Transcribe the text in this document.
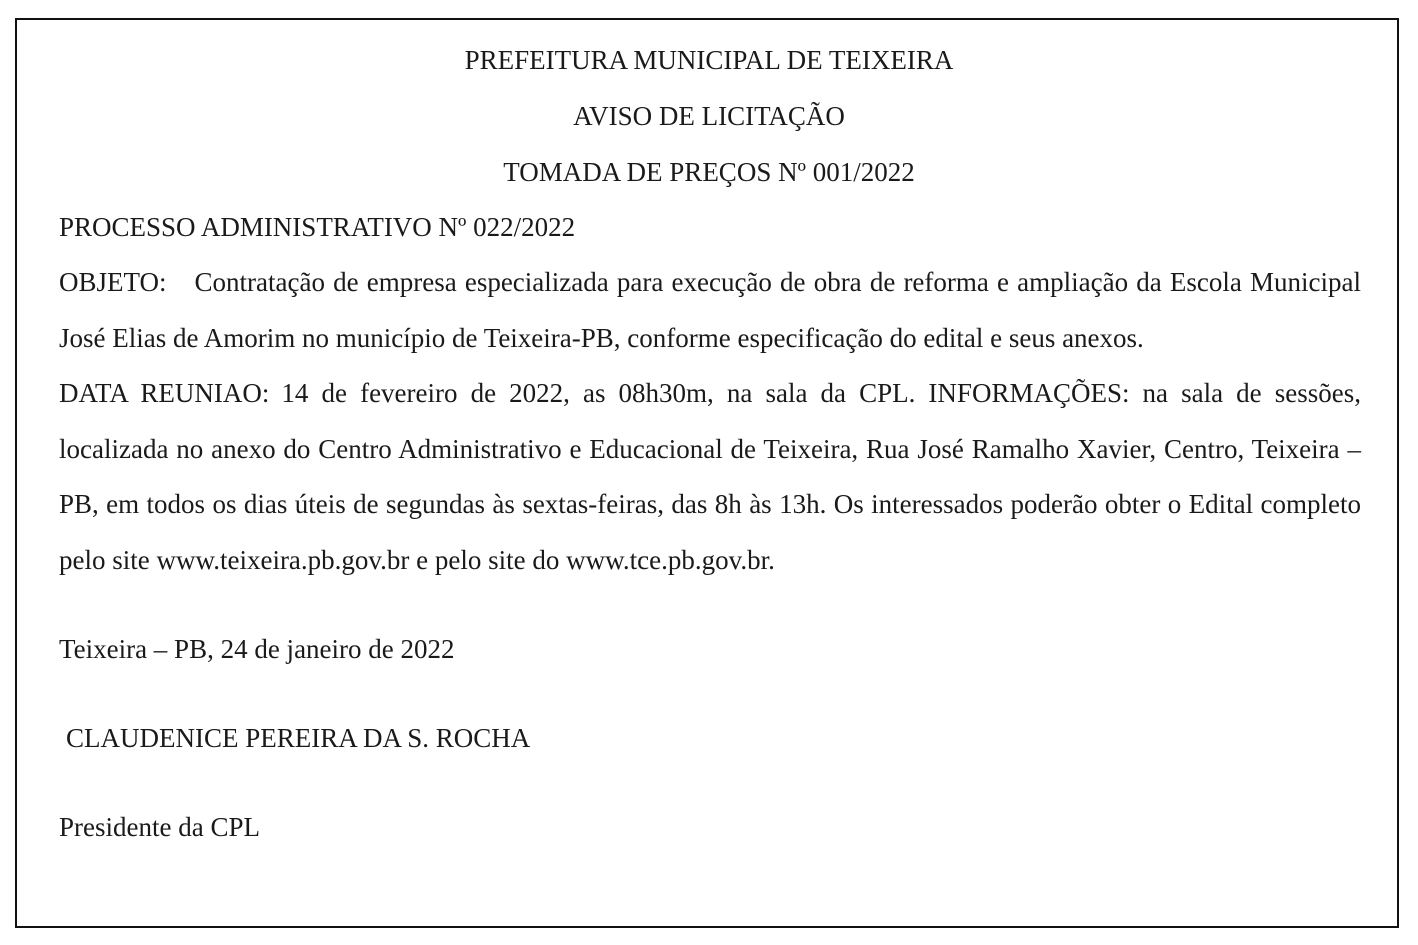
PREFEITURA MUNICIPAL DE TEIXEIRA
AVISO DE LICITAÇÃO
TOMADA DE PREÇOS Nº 001/2022
PROCESSO ADMINISTRATIVO Nº 022/2022
OBJETO: Contratação de empresa especializada para execução de obra de reforma e ampliação da Escola Municipal José Elias de Amorim no município de Teixeira-PB, conforme especificação do edital e seus anexos.
DATA REUNIAO: 14 de fevereiro de 2022, as 08h30m, na sala da CPL. INFORMAÇÕES: na sala de sessões, localizada no anexo do Centro Administrativo e Educacional de Teixeira, Rua José Ramalho Xavier, Centro, Teixeira – PB, em todos os dias úteis de segundas às sextas-feiras, das 8h às 13h. Os interessados poderão obter o Edital completo pelo site www.teixeira.pb.gov.br e pelo site do www.tce.pb.gov.br.
Teixeira – PB, 24 de janeiro de 2022
CLAUDENICE PEREIRA DA S. ROCHA
Presidente da CPL
